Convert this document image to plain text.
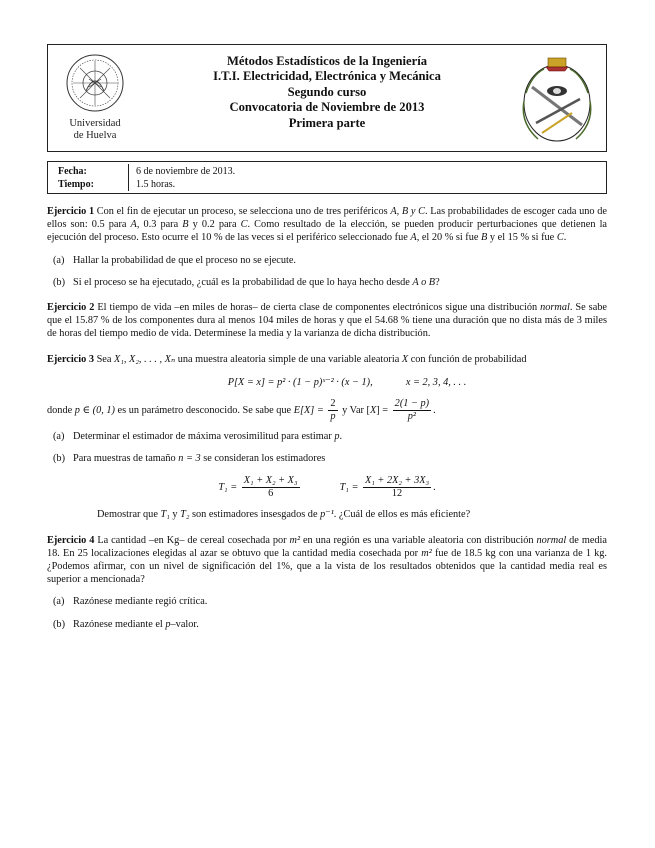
Universidad
de Huelva
Métodos Estadísticos de la Ingeniería
I.T.I. Electricidad, Electrónica y Mecánica
Segundo curso
Convocatoria de Noviembre de 2013
Primera parte
Fecha:	6 de noviembre de 2013.
Tiempo:	1.5 horas.

Ejercicio 1 Con el fin de ejecutar un proceso, se selecciona uno de tres periféricos A, B y C. Las probabilidades de escoger cada uno de ellos son: 0.5 para A, 0.3 para B y 0.2 para C. Como resultado de la elección, se pueden producir perturbaciones que detienen la ejecución del proceso. Esto ocurre el 10 % de las veces si el periférico seleccionado fue A, el 20 % si fue B y el 15 % si fue C.

(a) Hallar la probabilidad de que el proceso no se ejecute.
(b) Si el proceso se ha ejecutado, ¿cuál es la probabilidad de que lo haya hecho desde A o B?

Ejercicio 2 El tiempo de vida –en miles de horas– de cierta clase de componentes electrónicos sigue una distribución normal. Se sabe que el 15.87 % de los componentes dura al menos 104 miles de horas y que el 54.68 % tiene una duración que no dista más de 3 miles de horas del tiempo medio de vida. Determínese la media y la varianza de dicha distribución.

Ejercicio 3 Sea X₁, X₂, . . . , Xₙ una muestra aleatoria simple de una variable aleatoria X con función de probabilidad

P[X = x] = p² · (1 − p)ˣ⁻² · (x − 1),	x = 2, 3, 4, . . .

donde p ∈ (0, 1) es un parámetro desconocido. Se sabe que $E[X] = \frac{2}{p}$ y Var $[X] = \frac{2(1 - p)}{\text{p²}}$ .

(a) Determinar el estimador de máxima verosimilitud para estimar p.
(b) Para muestras de tamaño n = 3 se consideran los estimadores
$T_1 = \frac{\text{X₁ + X₂ + X₃}}{6}$	$T_1 = \frac{\text{X₁ + 2X₂ + 3X₃}}{12}$ .

Demostrar que T₁ y T₂ son estimadores insesgados de p⁻¹. ¿Cuál de ellos es más eficiente?

Ejercicio 4 La cantidad –en Kg– de cereal cosechada por m² en una región es una variable aleatoria con distribución normal de media 18. En 25 localizaciones elegidas al azar se obtuvo que la cantidad media cosechada por m² fue de 18.5 kg con una varianza de 1 kg. ¿Podemos afirmar, con un nivel de significación del 1%, que a la vista de los resultados obtenidos que la cantidad media real es superior a mencionada?

(a) Razónese mediante regió crítica.
(b) Razónese mediante el p–valor.
